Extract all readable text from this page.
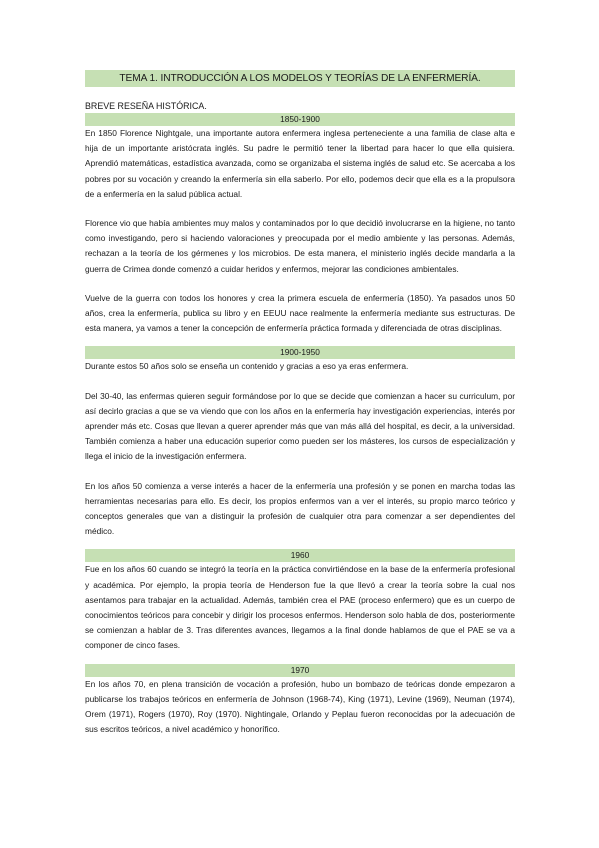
TEMA 1. INTRODUCCIÓN A LOS MODELOS Y TEORÍAS DE LA ENFERMERÍA.
BREVE RESEÑA HISTÓRICA.
1850-1900

En 1850 Florence Nightgale, una importante autora enfermera inglesa perteneciente a una familia de clase alta e hija de un importante aristócrata inglés. Su padre le permitió tener la libertad para hacer lo que ella quisiera. Aprendió matemáticas, estadística avanzada, como se organizaba el sistema inglés de salud etc. Se acercaba a los pobres por su vocación y creando la enfermería sin ella saberlo. Por ello, podemos decir que ella es a la propulsora de a enfermería en la salud pública actual.

Florence vio que había ambientes muy malos y contaminados por lo que decidió involucrarse en la higiene, no tanto como investigando, pero si haciendo valoraciones y preocupada por el medio ambiente y las personas. Además, rechazan a la teoría de los gérmenes y los microbios. De esta manera, el ministerio inglés decide mandarla a la guerra de Crimea donde comenzó a cuidar heridos y enfermos, mejorar las condiciones ambientales.

Vuelve de la guerra con todos los honores y crea la primera escuela de enfermería (1850). Ya pasados unos 50 años, crea la enfermería, publica su libro y en EEUU nace realmente la enfermería mediante sus estructuras. De esta manera, ya vamos a tener la concepción de enfermería práctica formada y diferenciada de otras disciplinas.

1900-1950

Durante estos 50 años solo se enseña un contenido y gracias a eso ya eras enfermera.

Del 30-40, las enfermas quieren seguir formándose por lo que se decide que comienzan a hacer su curriculum, por así decirlo gracias a que se va viendo que con los años en la enfermería hay investigación experiencias, interés por aprender más etc. Cosas que llevan a querer aprender más que van más allá del hospital, es decir, a la universidad. También comienza a haber una educación superior como pueden ser los másteres, los cursos de especialización y llega el inicio de la investigación enfermera.

En los años 50 comienza a verse interés a hacer de la enfermería una profesión y se ponen en marcha todas las herramientas necesarias para ello. Es decir, los propios enfermos van a ver el interés, su propio marco teórico y conceptos generales que van a distinguir la profesión de cualquier otra para comenzar a ser dependientes del médico.

1960

Fue en los años 60 cuando se integró la teoría en la práctica convirtiéndose en la base de la enfermería profesional y académica. Por ejemplo, la propia teoría de Henderson fue la que llevó a crear la teoría sobre la cual nos asentamos para trabajar en la actualidad. Además, también crea el PAE (proceso enfermero) que es un cuerpo de conocimientos teóricos para concebir y dirigir los procesos enfermos. Henderson solo habla de dos, posteriormente se comienzan a hablar de 3. Tras diferentes avances, llegamos a la final donde hablamos de que el PAE se va a componer de cinco fases.

1970

En los años 70, en plena transición de vocación a profesión, hubo un bombazo de teóricas donde empezaron a publicarse los trabajos teóricos en enfermería de Johnson (1968-74), King (1971), Levine (1969), Neuman (1974), Orem (1971), Rogers (1970), Roy (1970). Nightingale, Orlando y Peplau fueron reconocidas por la adecuación de sus escritos teóricos, a nivel académico y honorífico.
